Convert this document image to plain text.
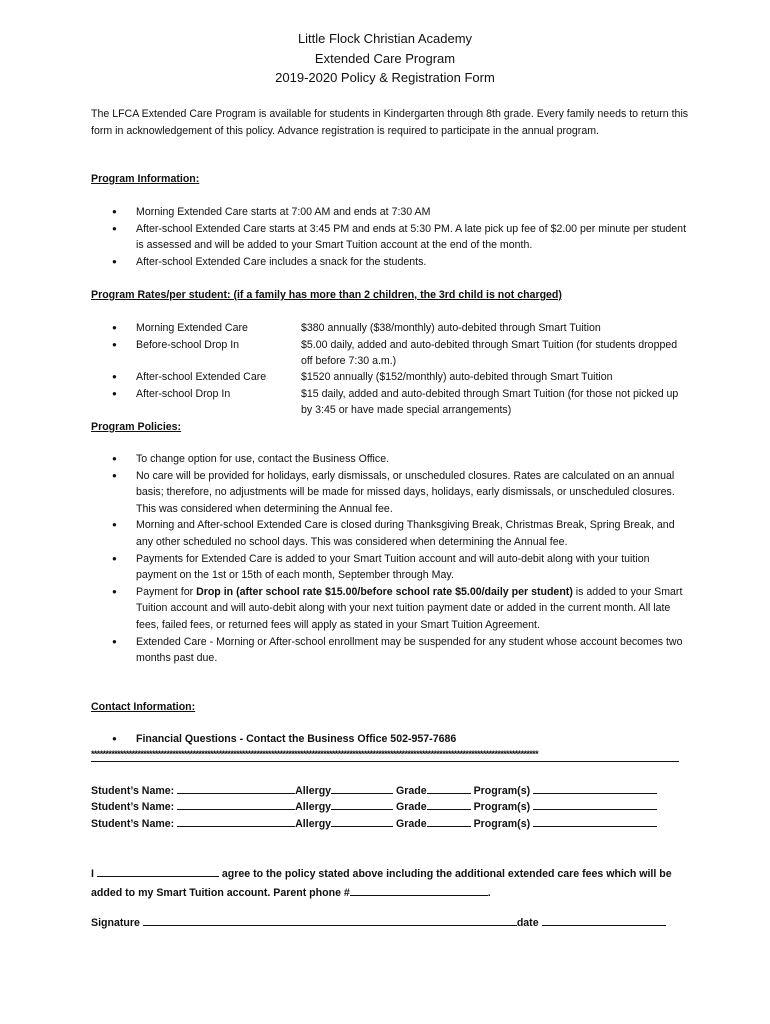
Little Flock Christian Academy
Extended Care Program
2019-2020 Policy & Registration Form
The LFCA Extended Care Program is available for students in Kindergarten through 8th grade. Every family needs to return this form in acknowledgement of this policy. Advance registration is required to participate in the annual program.
Program Information:
● Morning Extended Care starts at 7:00 AM and ends at 7:30 AM
● After-school Extended Care starts at 3:45 PM and ends at 5:30 PM. A late pick up fee of $2.00 per minute per student is assessed and will be added to your Smart Tuition account at the end of the month.
● After-school Extended Care includes a snack for the students.
Program Rates/per student: (if a family has more than 2 children, the 3rd child is not charged)
● Morning Extended Care	$380 annually ($38/monthly) auto-debited through Smart Tuition
● Before-school Drop In	$5.00 daily, added and auto-debited through Smart Tuition (for students dropped off before 7:30 a.m.)
● After-school Extended Care	$1520 annually ($152/monthly) auto-debited through Smart Tuition
● After-school Drop In	$15 daily, added and auto-debited through Smart Tuition (for those not picked up by 3:45 or have made special arrangements)
Program Policies:
● To change option for use, contact the Business Office.
● No care will be provided for holidays, early dismissals, or unscheduled closures. Rates are calculated on an annual basis; therefore, no adjustments will be made for missed days, holidays, early dismissals, or unscheduled closures. This was considered when determining the Annual fee.
● Morning and After-school Extended Care is closed during Thanksgiving Break, Christmas Break, Spring Break, and any other scheduled no school days. This was considered when determining the Annual fee.
● Payments for Extended Care is added to your Smart Tuition account and will auto-debit along with your tuition payment on the 1st or 15th of each month, September through May.
● Payment for Drop in (after school rate $15.00/before school rate $5.00/daily per student) is added to your Smart Tuition account and will auto-debit along with your next tuition payment date or added in the current month. All late fees, failed fees, or returned fees will apply as stated in your Smart Tuition Agreement.
● Extended Care - Morning or After-school enrollment may be suspended for any student whose account becomes two months past due.
Contact Information:
● Financial Questions - Contact the Business Office 502-957-7686
**********************************************************************************************************************************************************
Student’s Name:	Allergy	Grade	Program(s)
Student’s Name:	Allergy	Grade	Program(s)
Student’s Name:	Allergy	Grade	Program(s)
I	agree to the policy stated above including the additional extended care fees which will be added to my Smart Tuition account. Parent phone #	.
Signature	date
